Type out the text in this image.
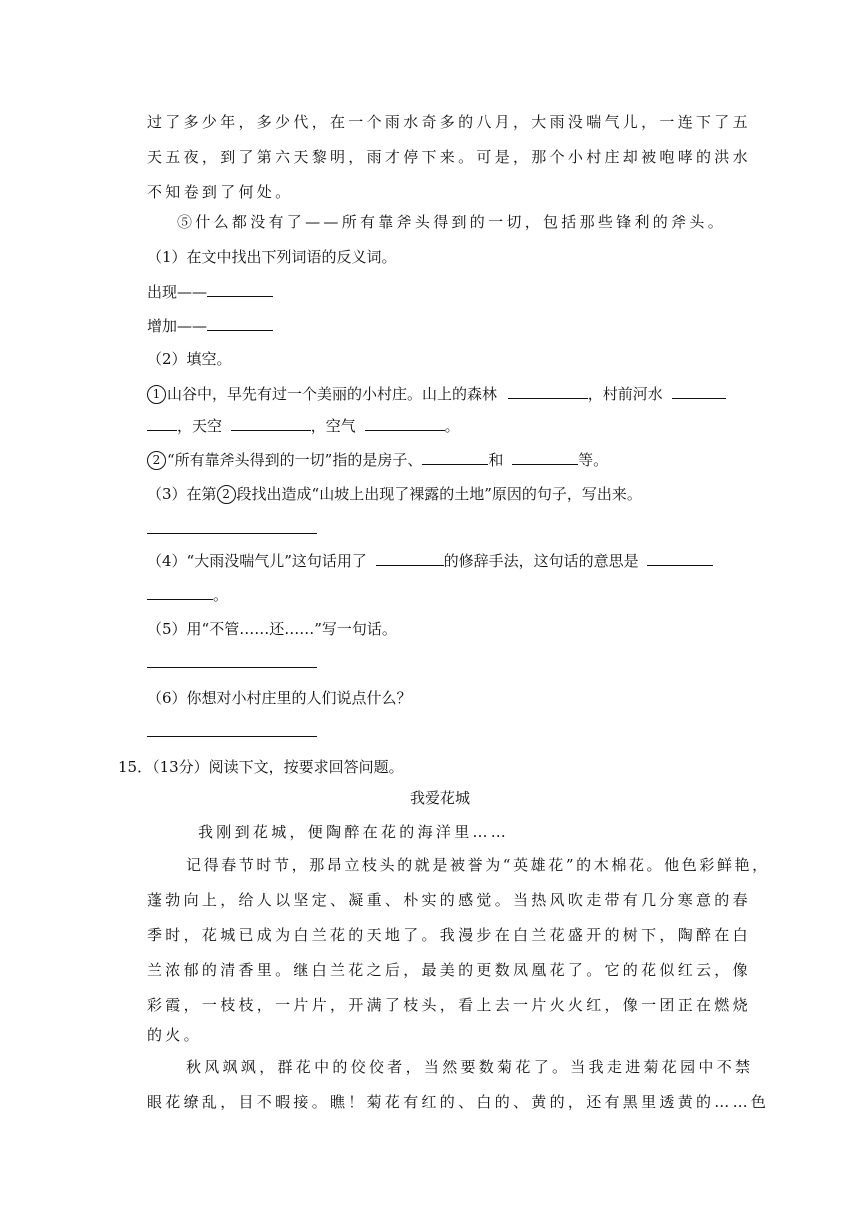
过了多少年，多少代，在一个雨水奇多的八月，大雨没喘气儿，一连下了五
天五夜，到了第六天黎明，雨才停下来。可是，那个小村庄却被咆哮的洪水
不知卷到了何处。
⑤什么都没有了——所有靠斧头得到的一切，包括那些锋利的斧头。
（1）在文中找出下列词语的反义词。
出现——
增加——
（2）填空。
1 山谷中，早先有过一个美丽的小村庄。山上的森林	，村前河水
，天空	，空气	。
2 “所有靠斧头得到的一切”指的是房子、	和	等。
（3）在第 2 段找出造成“山坡上出现了裸露的土地”原因的句子，写出来。
（4）“大雨没喘气儿”这句话用了	的修辞手法，这句话的意思是
。
（5）用“不管……还……”写一句话。
（6）你想对小村庄里的人们说点什么？
15．（13分）阅读下文，按要求回答问题。
我爱花城
我刚到花城，便陶醉在花的海洋里……
记得春节时节，那昂立枝头的就是被誉为“英雄花”的木棉花。他色彩鲜艳，
蓬勃向上，给人以坚定、凝重、朴实的感觉。当热风吹走带有几分寒意的春
季时，花城已成为白兰花的天地了。我漫步在白兰花盛开的树下，陶醉在白
兰浓郁的清香里。继白兰花之后，最美的更数凤凰花了。它的花似红云，像
彩霞，一枝枝，一片片，开满了枝头，看上去一片火火红，像一团正在燃烧
的火。
秋风飒飒，群花中的佼佼者，当然要数菊花了。当我走进菊花园中不禁
眼花缭乱，目不暇接。瞧！菊花有红的、白的、黄的，还有黑里透黄的……色
